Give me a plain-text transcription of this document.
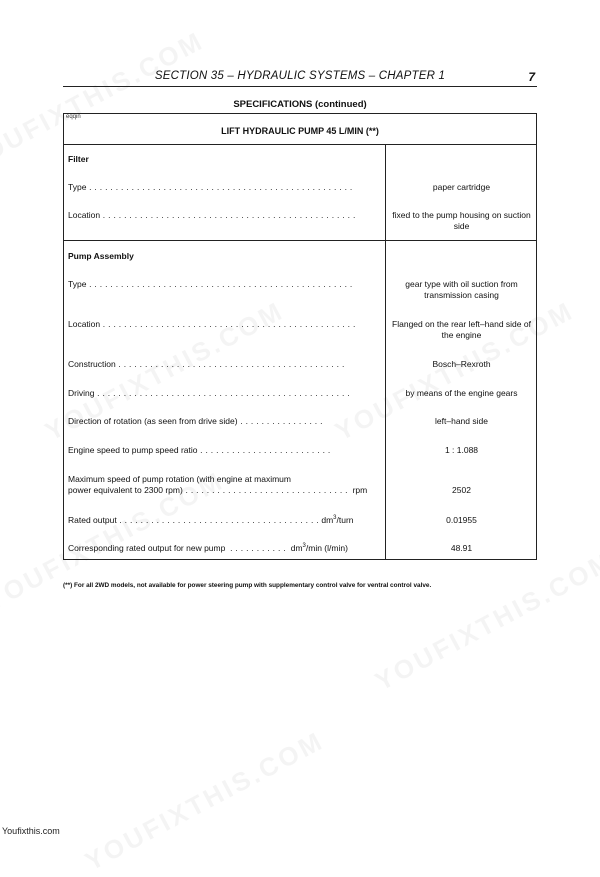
SECTION 35 – HYDRAULIC SYSTEMS – CHAPTER 1	7
SPECIFICATIONS (continued)
eqqin
LIFT HYDRAULIC PUMP 45 L/MIN (**)
Filter
Type . . . . . . . . . . . . . . . . . . . . . . . . . . . . . . . . . . . . . . . . . . . . . . . . . .	paper cartridge
Location . . . . . . . . . . . . . . . . . . . . . . . . . . . . . . . . . . . . . . . . . . . . . . . .	fixed to the pump housing on suction side
Pump Assembly
Type . . . . . . . . . . . . . . . . . . . . . . . . . . . . . . . . . . . . . . . . . . . . . . . . . .	gear type with oil suction from transmission casing
Location . . . . . . . . . . . . . . . . . . . . . . . . . . . . . . . . . . . . . . . . . . . . . . . .	Flanged on the rear left–hand side of the engine
Construction . . . . . . . . . . . . . . . . . . . . . . . . . . . . . . . . . . . . . . . . . . .	Bosch–Rexroth
Driving . . . . . . . . . . . . . . . . . . . . . . . . . . . . . . . . . . . . . . . . . . . . . . . .	by means of the engine gears
Direction of rotation (as seen from drive side) . . . . . . . . . . . . . . . .	left–hand side
Engine speed to pump speed ratio . . . . . . . . . . . . . . . . . . . . . . . . .	1 : 1.088
Maximum speed of pump rotation (with engine at maximum
power equivalent to 2300 rpm) . . . . . . . . . . . . . . . . . . . . . . . . . . . . . . . rpm	2502
Rated output . . . . . . . . . . . . . . . . . . . . . . . . . . . . . . . . . . . . . . $dm^3$/turn	0.01955
Corresponding rated output for new pump . . . . . . . . . . . $dm^3/\min$ (l/min)	48.91
(**) For all 2WD models, not available for power steering pump with supplementary control valve for ventral control valve.
Youfixthis.com
